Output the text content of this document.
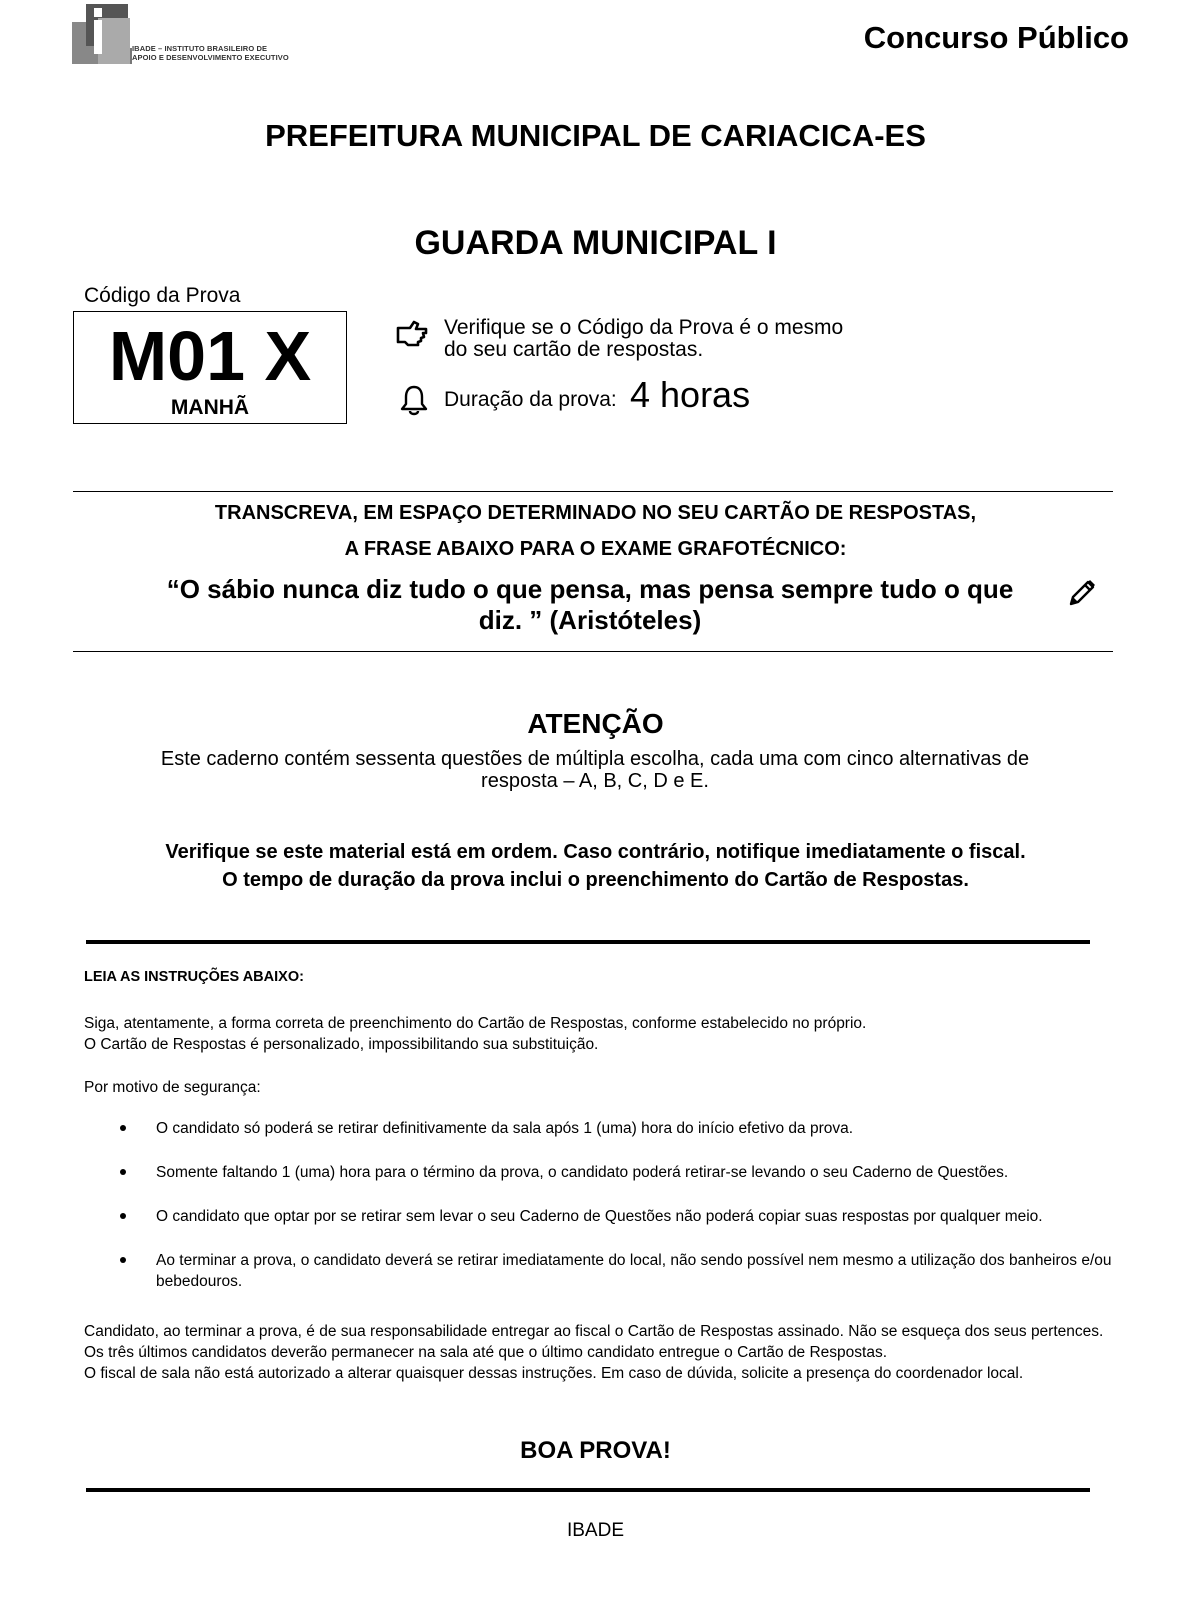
IBADE – INSTITUTO BRASILEIRO DE
APOIO E DESENVOLVIMENTO EXECUTIVO
Concurso Público
PREFEITURA MUNICIPAL DE CARIACICA-ES
GUARDA MUNICIPAL I
Código da Prova
M01 X
MANHÃ
Verifique se o Código da Prova é o mesmo
do seu cartão de respostas.
Duração da prova: 4 horas
TRANSCREVA, EM ESPAÇO DETERMINADO NO SEU CARTÃO DE RESPOSTAS,
A FRASE ABAIXO PARA O EXAME GRAFOTÉCNICO:
“O sábio nunca diz tudo o que pensa, mas pensa sempre tudo o que diz. ” (Aristóteles)
ATENÇÃO
Este caderno contém sessenta questões de múltipla escolha, cada uma com cinco alternativas de resposta – A, B, C, D e E.
Verifique se este material está em ordem. Caso contrário, notifique imediatamente o fiscal.
O tempo de duração da prova inclui o preenchimento do Cartão de Respostas.
LEIA AS INSTRUÇÕES ABAIXO:
Siga, atentamente, a forma correta de preenchimento do Cartão de Respostas, conforme estabelecido no próprio.
O Cartão de Respostas é personalizado, impossibilitando sua substituição.
Por motivo de segurança:
O candidato só poderá se retirar definitivamente da sala após 1 (uma) hora do início efetivo da prova.
Somente faltando 1 (uma) hora para o término da prova, o candidato poderá retirar-se levando o seu Caderno de Questões.
O candidato que optar por se retirar sem levar o seu Caderno de Questões não poderá copiar suas respostas por qualquer meio.
Ao terminar a prova, o candidato deverá se retirar imediatamente do local, não sendo possível nem mesmo a utilização dos banheiros e/ou bebedouros.
Candidato, ao terminar a prova, é de sua responsabilidade entregar ao fiscal o Cartão de Respostas assinado. Não se esqueça dos seus pertences.
Os três últimos candidatos deverão permanecer na sala até que o último candidato entregue o Cartão de Respostas.
O fiscal de sala não está autorizado a alterar quaisquer dessas instruções. Em caso de dúvida, solicite a presença do coordenador local.
BOA PROVA!
IBADE
